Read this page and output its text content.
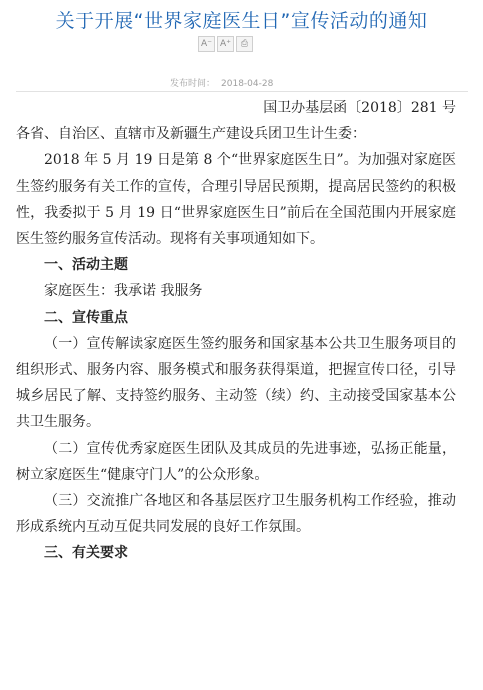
关于开展“世界家庭医生日”宣传活动的通知
A⁻ A⁺	⎙
发布时间： 2018-04-28

国卫办基层函〔2018〕281 号

各省、自治区、直辖市及新疆生产建设兵团卫生计生委：

2018 年 5 月 19 日是第 8 个“世界家庭医生日”。为加强对家庭医生签约服务有关工作的宣传，合理引导居民预期，提高居民签约的积极性，我委拟于 5 月 19 日“世界家庭医生日”前后在全国范围内开展家庭医生签约服务宣传活动。现将有关事项通知如下。

一、活动主题

家庭医生：我承诺 我服务

二、宣传重点

（一）宣传解读家庭医生签约服务和国家基本公共卫生服务项目的组织形式、服务内容、服务模式和服务获得渠道，把握宣传口径，引导城乡居民了解、支持签约服务、主动签（续）约、主动接受国家基本公共卫生服务。

（二）宣传优秀家庭医生团队及其成员的先进事迹，弘扬正能量，树立家庭医生“健康守门人”的公众形象。

（三）交流推广各地区和各基层医疗卫生服务机构工作经验，推动形成系统内互动互促共同发展的良好工作氛围。

三、有关要求
